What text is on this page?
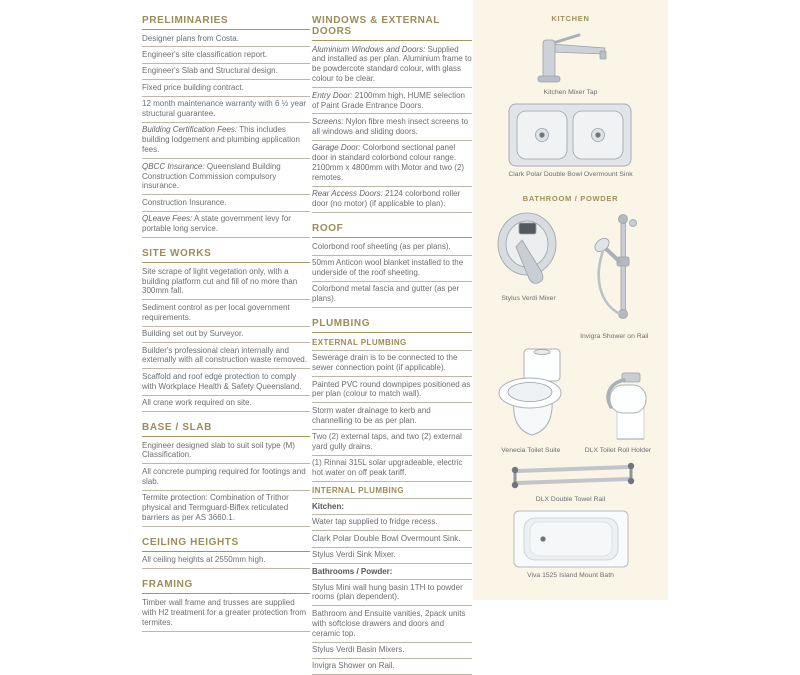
PRELIMINARIES
Designer plans from Costa.
Engineer's site classification report.
Engineer's Slab and Structural design.
Fixed price building contract.
12 month maintenance warranty with 6 ½ year structural guarantee.
Building Certification Fees: This includes building lodgement and plumbing application fees.
QBCC Insurance: Queensland Building Construction Commission compulsory insurance.
Construction Insurance.
QLeave Fees: A state government levy for portable long service.
SITE WORKS
Site scrape of light vegetation only, with a building platform cut and fill of no more than 300mm fall.
Sediment control as per local government requirements.
Building set out by Surveyor.
Builder's professional clean internally and externally with all construction waste removed.
Scaffold and roof edge protection to comply with Workplace Health & Safety Queensland.
All crane work required on site.
BASE / SLAB
Engineer designed slab to suit soil type (M) Classification.
All concrete pumping required for footings and slab.
Termite protection: Combination of Trithor physical and Termguard-Biflex reticulated barriers as per AS 3660.1.
CEILING HEIGHTS
All ceiling heights at 2550mm high.
FRAMING
Timber wall frame and trusses are supplied with H2 treatment for a greater protection from termites.
WINDOWS & EXTERNAL DOORS
Aluminium Windows and Doors: Supplied and installed as per plan. Aluminium frame to be powdercote standard colour, with glass colour to be clear.
Entry Door: 2100mm high, HUME selection of Paint Grade Entrance Doors.
Screens: Nylon fibre mesh insect screens to all windows and sliding doors.
Garage Door: Colorbond sectional panel door in standard colorbond colour range. 2100mm x 4800mm with Motor and two (2) remotes.
Rear Access Doors: 2124 colorbond roller door (no motor) (if applicable to plan).
ROOF
Colorbond roof sheeting (as per plans).
50mm Anticon wool blanket installed to the underside of the roof sheeting.
Colorbond metal fascia and gutter (as per plans).
PLUMBING
EXTERNAL PLUMBING
Sewerage drain is to be connected to the sewer connection point (if applicable).
Painted PVC round downpipes positioned as per plan (colour to match wall).
Storm water drainage to kerb and channelling to be as per plan.
Two (2) external taps, and two (2) external yard gully drains.
(1) Rinnai 315L solar upgradeable, electric hot water on off peak tariff.
INTERNAL PLUMBING
Kitchen:
Water tap supplied to fridge recess.
Clark Polar Double Bowl Overmount Sink.
Stylus Verdi Sink Mixer.
Bathrooms / Powder:
Stylus Mini wall hung basin 1TH to powder rooms (plan dependent).
Bathroom and Ensuite vanities, 2pack units with softclose drawers and doors and ceramic top.
Stylus Verdi Basin Mixers.
Invigra Shower on Rail.
KITCHEN
Kitchen Mixer Tap
Clark Polar Double Bowl Overmount Sink
BATHROOM / POWDER
Stylus Verdi Mixer
Invigra Shower on Rail
Venecia Toilet Suite	DLX Toilet Roll Holder
DLX Double Towel Rail
Viva 1525 Island Mount Bath
